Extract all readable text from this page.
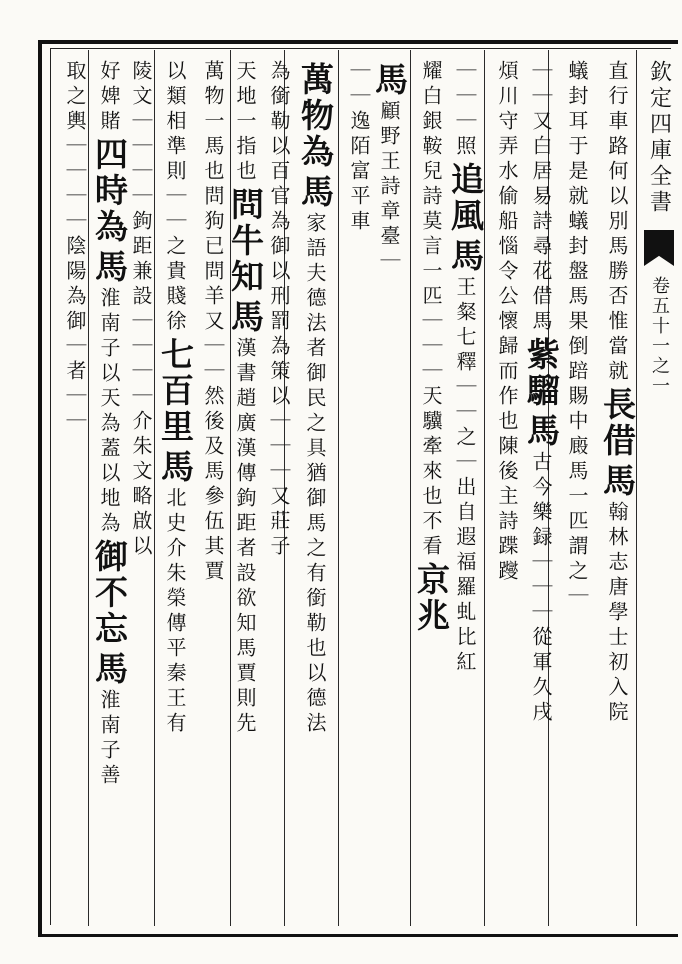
欽定四庫全書
卷五十一之一
直行車路何以別馬勝否惟當就
長借
馬
翰林志唐學士初入院
蟻封耳于是就蟻封盤馬果倒踣
賜中廄馬一匹謂之｜
｜｜又白居易詩尋花借馬
紫騮
馬
古今樂録｜｜｜從軍久戌
煩川守弄水偷船惱令公
懷歸而作也陳後主詩蹀躞
｜｜｜照
追風
馬
王粲七釋｜｜之｜出自遐福羅虬比紅
耀白銀鞍
兒詩莫言一匹｜｜｜天驥牽來也不看
京兆
馬
顧野王詩章臺｜
｜｜逸陌富平車
萬物為
馬
家語夫德法者御民之具猶御馬之有銜勒也以德法
為銜勒以百官為御以刑罰為策以｜｜｜又莊子
天地一指也
問牛知
馬
漢書趙廣漢傳鉤距者設欲知馬賈則先
萬物一馬也
問狗已問羊又｜｜然後及馬參伍其賈
以類相準則｜｜之貴賤徐
七百里
馬
北史介朱榮傳平秦王有
陵文｜｜｜｜鉤距兼設
｜｜｜｜介朱文略啟以
好婢賭
四時為
馬
淮南子以天為蓋以地為
御不忘
馬
淮南子善
取之
輿｜｜｜｜陰陽為御
｜者｜｜
